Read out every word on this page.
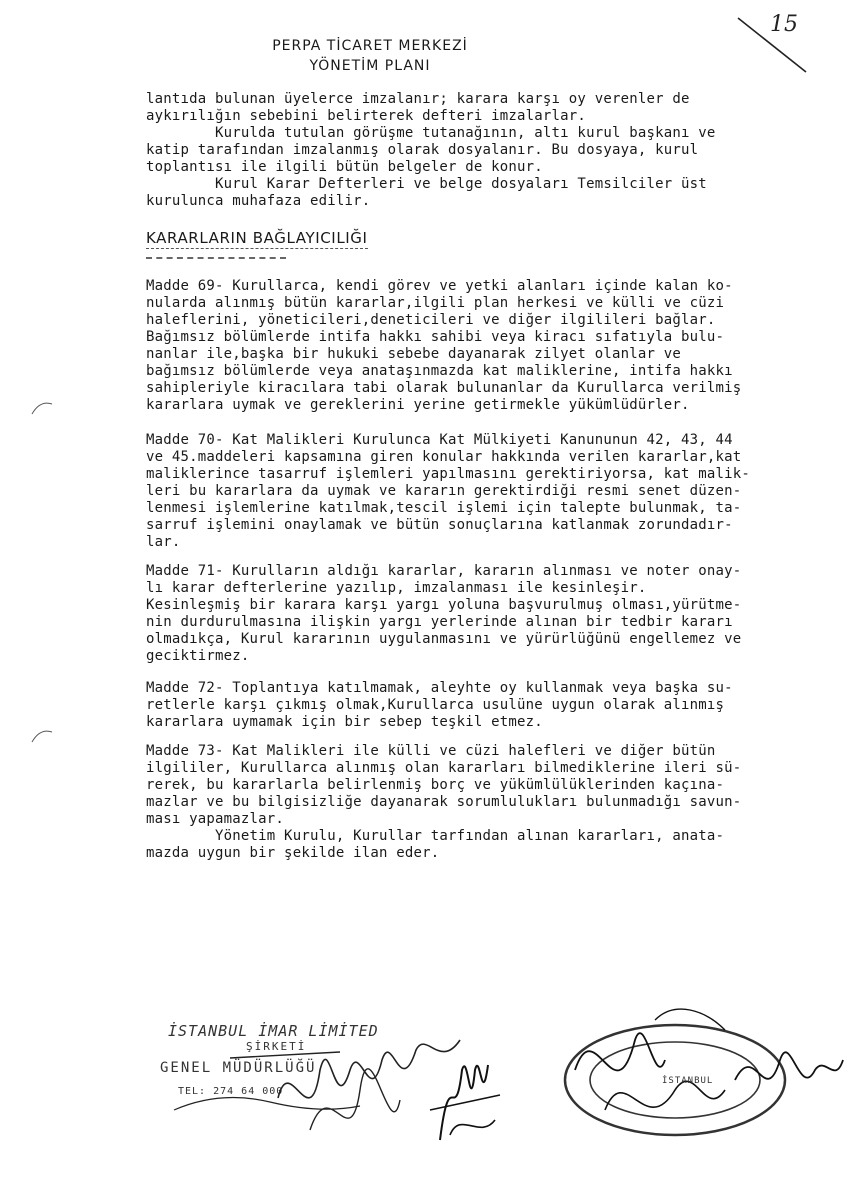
15
PERPA TİCARET MERKEZİ
YÖNETİM PLANI
lantıda bulunan üyelerce imzalanır; karara karşı oy verenler de
aykırılığın sebebini belirterek defteri imzalarlar.
Kurulda tutulan görüşme tutanağının, altı kurul başkanı ve
katip tarafından imzalanmış olarak dosyalanır. Bu dosyaya, kurul
toplantısı ile ilgili bütün belgeler de konur.
Kurul Karar Defterleri ve belge dosyaları Temsilciler üst
kurulunca muhafaza edilir.
KARARLARIN BAĞLAYICILIĞI
Madde 69- Kurullarca, kendi görev ve yetki alanları içinde kalan ko-
nularda alınmış bütün kararlar,ilgili plan herkesi ve külli ve cüzi
haleflerini, yöneticileri,deneticileri ve diğer ilgilileri bağlar.
Bağımsız bölümlerde intifa hakkı sahibi veya kiracı sıfatıyla bulu-
nanlar ile,başka bir hukuki sebebe dayanarak zilyet olanlar ve
bağımsız bölümlerde veya anataşınmazda kat maliklerine, intifa hakkı
sahipleriyle kiracılara tabi olarak bulunanlar da Kurullarca verilmiş
kararlara uymak ve gereklerini yerine getirmekle yükümlüdürler.
Madde 70- Kat Malikleri Kurulunca Kat Mülkiyeti Kanununun 42, 43, 44
ve 45.maddeleri kapsamına giren konular hakkında verilen kararlar,kat
maliklerince tasarruf işlemleri yapılmasını gerektiriyorsa, kat malik-
leri bu kararlara da uymak ve kararın gerektirdiği resmi senet düzen-
lenmesi işlemlerine katılmak,tescil işlemi için talepte bulunmak, ta-
sarruf işlemini onaylamak ve bütün sonuçlarına katlanmak zorundadır-
lar.
Madde 71- Kurulların aldığı kararlar, kararın alınması ve noter onay-
lı karar defterlerine yazılıp, imzalanması ile kesinleşir.
Kesinleşmiş bir karara karşı yargı yoluna başvurulmuş olması,yürütme-
nin durdurulmasına ilişkin yargı yerlerinde alınan bir tedbir kararı
olmadıkça, Kurul kararının uygulanmasını ve yürürlüğünü engellemez ve
geciktirmez.
Madde 72- Toplantıya katılmamak, aleyhte oy kullanmak veya başka su-
retlerle karşı çıkmış olmak,Kurullarca usulüne uygun olarak alınmış
kararlara uymamak için bir sebep teşkil etmez.
Madde 73- Kat Malikleri ile külli ve cüzi halefleri ve diğer bütün
ilgililer, Kurullarca alınmış olan kararları bilmediklerine ileri sü-
rerek, bu kararlarla belirlenmiş borç ve yükümlülüklerinden kaçına-
mazlar ve bu bilgisizliğe dayanarak sorumlulukları bulunmadığı savun-
ması yapamazlar.
Yönetim Kurulu, Kurullar tarfından alınan kararları, anata-
mazda uygun bir şekilde ilan eder.
İSTANBUL İMAR LİMİTED
ŞİRKETİ
GENEL MÜDÜRLÜĞÜ
TEL: 274 64 000
İSTANBUL
